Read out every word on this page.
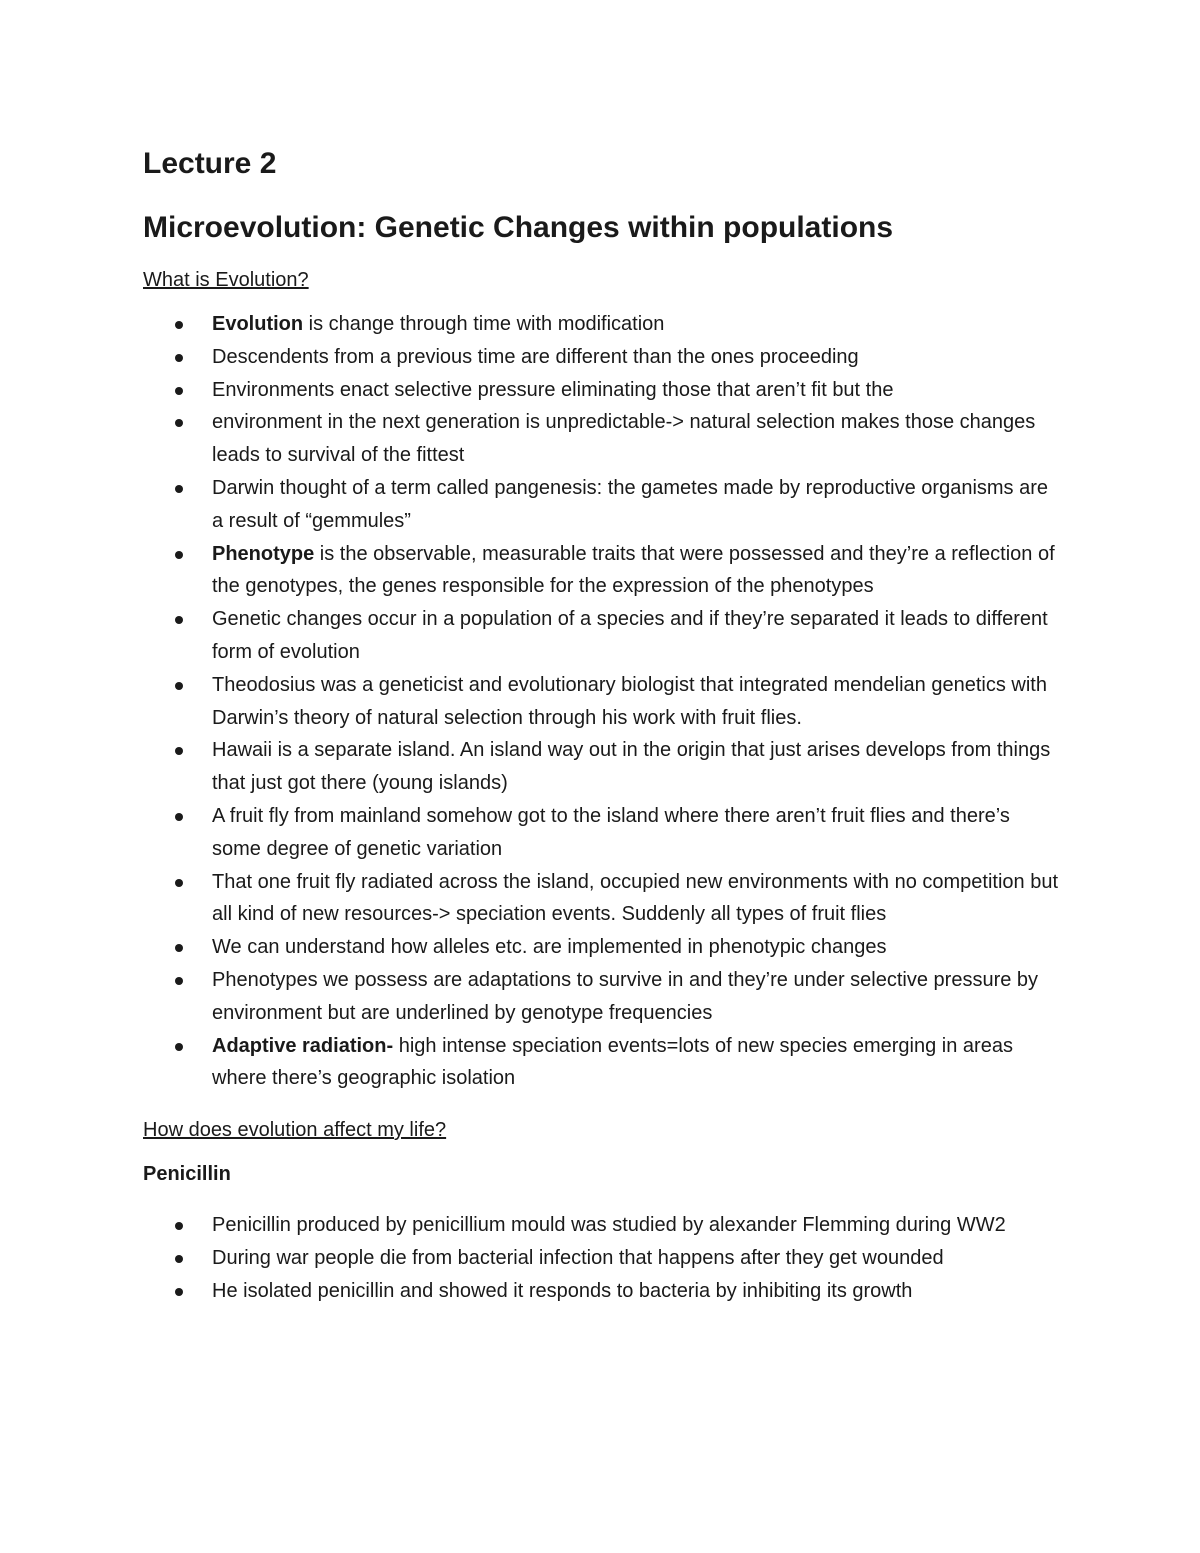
Lecture 2
Microevolution: Genetic Changes within populations
What is Evolution?
Evolution is change through time with modification
Descendents from a previous time are different than the ones proceeding
Environments enact selective pressure eliminating those that aren’t fit but the
environment in the next generation is unpredictable-> natural selection makes those changes leads to survival of the fittest
Darwin thought of a term called pangenesis: the gametes made by reproductive organisms are a result of “gemmules”
Phenotype is the observable, measurable traits that were possessed and they’re a reflection of the genotypes, the genes responsible for the expression of the phenotypes
Genetic changes occur in a population of a species and if they’re separated it leads to different form of evolution
Theodosius was a geneticist and evolutionary biologist that integrated mendelian genetics with Darwin’s theory of natural selection through his work with fruit flies.
Hawaii is a separate island. An island way out in the origin that just arises develops from things that just got there (young islands)
A fruit fly from mainland somehow got to the island where there aren’t fruit flies and there’s some degree of genetic variation
That one fruit fly radiated across the island, occupied new environments with no competition but all kind of new resources-> speciation events. Suddenly all types of fruit flies
We can understand how alleles etc. are implemented in phenotypic changes
Phenotypes we possess are adaptations to survive in and they’re under selective pressure by environment but are underlined by genotype frequencies
Adaptive radiation- high intense speciation events=lots of new species emerging in areas where there’s geographic isolation
How does evolution affect my life?
Penicillin
Penicillin produced by penicillium mould was studied by alexander Flemming during WW2
During war people die from bacterial infection that happens after they get wounded
He isolated penicillin and showed it responds to bacteria by inhibiting its growth
